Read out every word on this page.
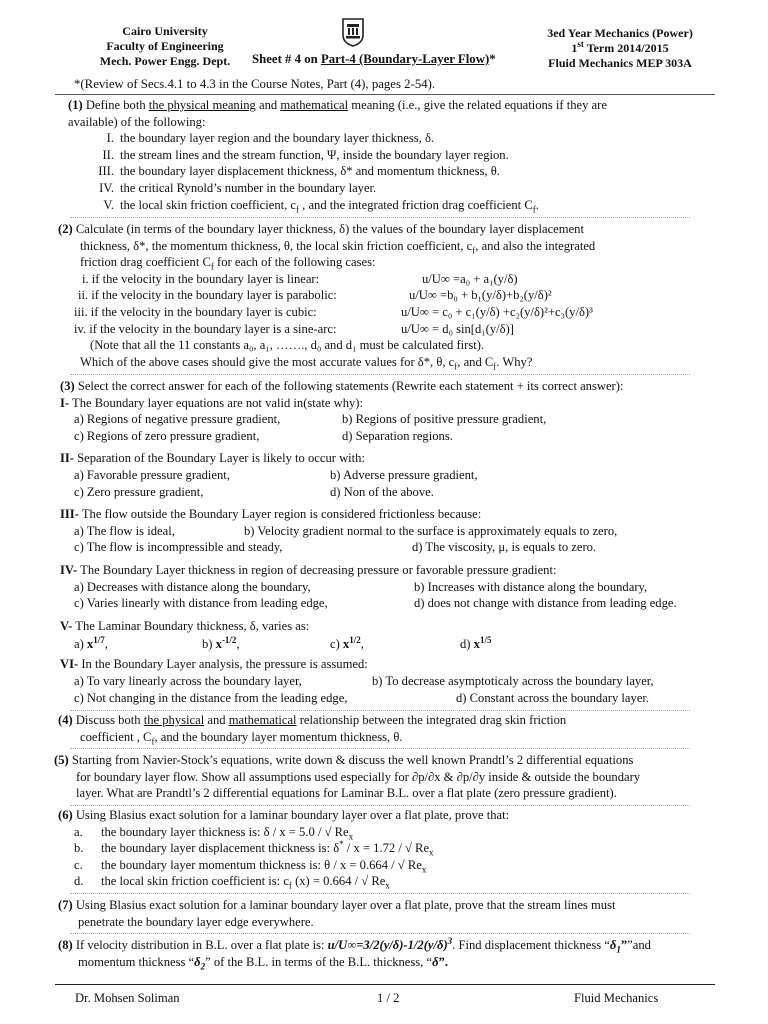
Cairo University
Faculty of Engineering
Mech. Power Engg. Dept.
3ed Year Mechanics (Power)
1st Term 2014/2015
Fluid Mechanics MEP 303A
Sheet # 4 on Part-4 (Boundary-Layer Flow)*
*(Review of Secs.4.1 to 4.3 in the Course Notes, Part (4), pages 2-54).
(1) Define both the physical meaning and mathematical meaning (i.e., give the related equations if they are
available) of the following:
I. the boundary layer region and the boundary layer thickness, δ.
II. the stream lines and the stream function, Ψ, inside the boundary layer region.
III. the boundary layer displacement thickness, δ* and momentum thickness, θ.
IV. the critical Rynold’s number in the boundary layer.
V. the local skin friction coefficient, $c_f$ , and the integrated friction drag coefficient $C_f$.
(2) Calculate (in terms of the boundary layer thickness, δ) the values of the boundary layer displacement
thickness, δ*, the momentum thickness, θ, the local skin friction coefficient, $c_f$, and also the integrated
friction drag coefficient $C_f$ for each of the following cases:
i. if the velocity in the boundary layer is linear:	u/U∞ =a₀ + a₁(y/δ)
ii. if the velocity in the boundary layer is parabolic:	u/U∞ =b₀ + b₁(y/δ)+b₂(y/δ)²
iii. if the velocity in the boundary layer is cubic:	u/U∞ = c₀ + c₁(y/δ) +c₂(y/δ)²+c₃(y/δ)³
iv. if the velocity in the boundary layer is a sine-arc:	u/U∞ = d₀ sin[d₁(y/δ)]
(Note that all the 11 constants a₀, a₁, ……., d₀ and d₁ must be calculated first).
Which of the above cases should give the most accurate values for δ*, θ, $c_f$, and $C_f$. Why?
(3) Select the correct answer for each of the following statements (Rewrite each statement + its correct answer):
I- The Boundary layer equations are not valid in(state why):
a) Regions of negative pressure gradient,	b) Regions of positive pressure gradient,
c) Regions of zero pressure gradient,	d) Separation regions.
II- Separation of the Boundary Layer is likely to occur with:
a) Favorable pressure gradient,	b) Adverse pressure gradient,
c) Zero pressure gradient,	d) Non of the above.
III- The flow outside the Boundary Layer region is considered frictionless because:
a) The flow is ideal,	b) Velocity gradient normal to the surface is approximately equals to zero,
c) The flow is incompressible and steady,	d) The viscosity, μ, is equals to zero.
IV- The Boundary Layer thickness in region of decreasing pressure or favorable pressure gradient:
a) Decreases with distance along the boundary,	b) Increases with distance along the boundary,
c) Varies linearly with distance from leading edge,	d) does not change with distance from leading edge.
V- The Laminar Boundary thickness, δ, varies as:
a) $x^{1/7}$,	b) $x^{-1/2}$,	c) $x^{1/2}$,	d) $x^{1/5}$
VI- In the Boundary Layer analysis, the pressure is assumed:
a) To vary linearly across the boundary layer,	b) To decrease asymptoticaly across the boundary layer,
c) Not changing in the distance from the leading edge,	d) Constant across the boundary layer.
(4) Discuss both the physical and mathematical relationship between the integrated drag skin friction
coefficient , $C_f$, and the boundary layer momentum thickness, θ.
(5) Starting from Navier-Stock’s equations, write down & discuss the well known Prandtl’s 2 differential equations
for boundary layer flow. Show all assumptions used especially for ∂p/∂x & ∂p/∂y inside & outside the boundary
layer. What are Prandtl’s 2 differential equations for Laminar B.L. over a flat plate (zero pressure gradient).
(6) Using Blasius exact solution for a laminar boundary layer over a flat plate, prove that:
a. the boundary layer thickness is: δ / x = 5.0 / √ $Re_x$
b. the boundary layer displacement thickness is: δ* / x = 1.72 / √ $Re_x$
c. the boundary layer momentum thickness is: θ / x = 0.664 / √ $Re_x$
d. the local skin friction coefficient is: $c_f$ (x) = 0.664 / √ $Re_x$
(7) Using Blasius exact solution for a laminar boundary layer over a flat plate, prove that the stream lines must
penetrate the boundary layer edge everywhere.
(8) If velocity distribution in B.L. over a flat plate is: $u/U\infty=3/2(y/\delta)-1/2(y/\delta)^3$. Find displacement thickness “$\delta_1””and$
momentum thickness “$\delta_2$” of the B.L. in terms of the B.L. thickness, “δ”.
Dr. Mohsen Soliman	1 / 2	Fluid Mechanics
